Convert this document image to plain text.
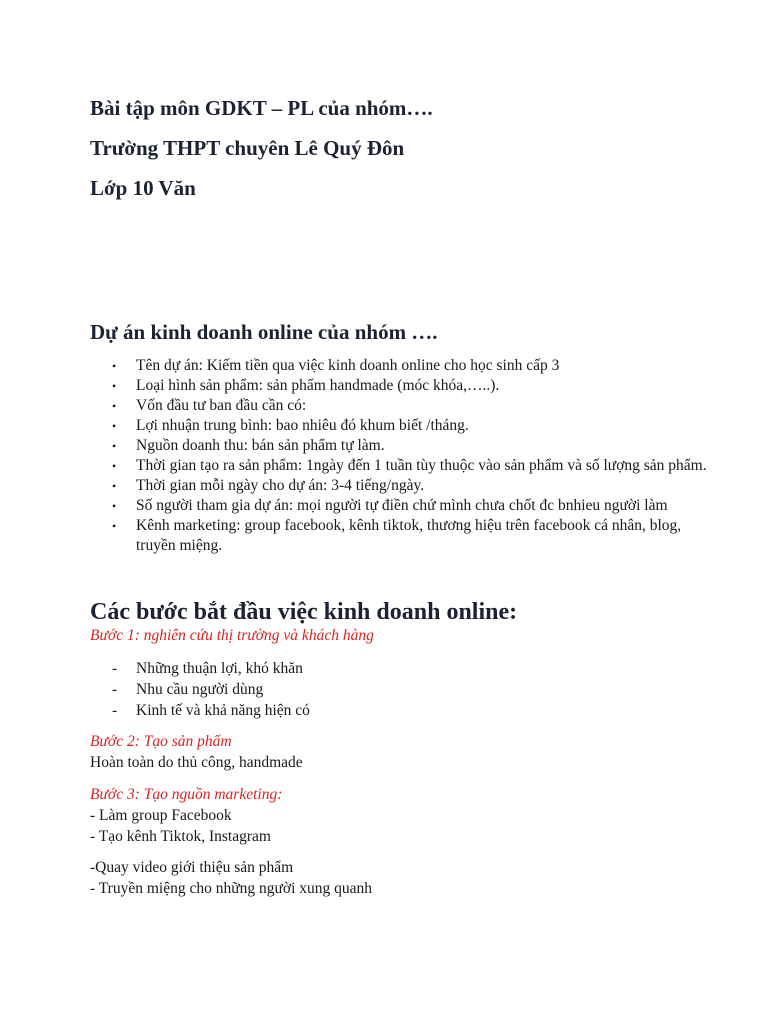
Bài tập môn GDKT – PL của nhóm….
Trường THPT chuyên Lê Quý Đôn
Lớp 10 Văn
Dự án kinh doanh online của nhóm ….
• Tên dự án: Kiếm tiền qua việc kinh doanh online cho học sinh cấp 3
• Loại hình sản phẩm: sản phẩm handmade (móc khóa,…..).
• Vốn đầu tư ban đầu cần có:
• Lợi nhuận trung bình: bao nhiêu đó khum biết /tháng.
• Nguồn doanh thu: bán sản phẩm tự làm.
• Thời gian tạo ra sản phẩm: 1ngày đến 1 tuần tùy thuộc vào sản phẩm và số lượng sản phẩm.
• Thời gian mỗi ngày cho dự án: 3-4 tiếng/ngày.
• Số người tham gia dự án: mọi người tự điền chứ mình chưa chốt đc bnhieu người làm
• Kênh marketing: group facebook, kênh tiktok, thương hiệu trên facebook cá nhân, blog, truyền miệng.
Các bước bắt đầu việc kinh doanh online:
Bước 1: nghiên cứu thị trường và khách hàng
- Những thuận lợi, khó khăn
- Nhu cầu người dùng
- Kinh tế và khả năng hiện có
Bước 2: Tạo sản phẩm
Hoàn toàn do thủ công, handmade
Bước 3: Tạo nguồn marketing:
- Làm group Facebook
- Tạo kênh Tiktok, Instagram
-Quay video giới thiệu sản phẩm
- Truyền miệng cho những người xung quanh
